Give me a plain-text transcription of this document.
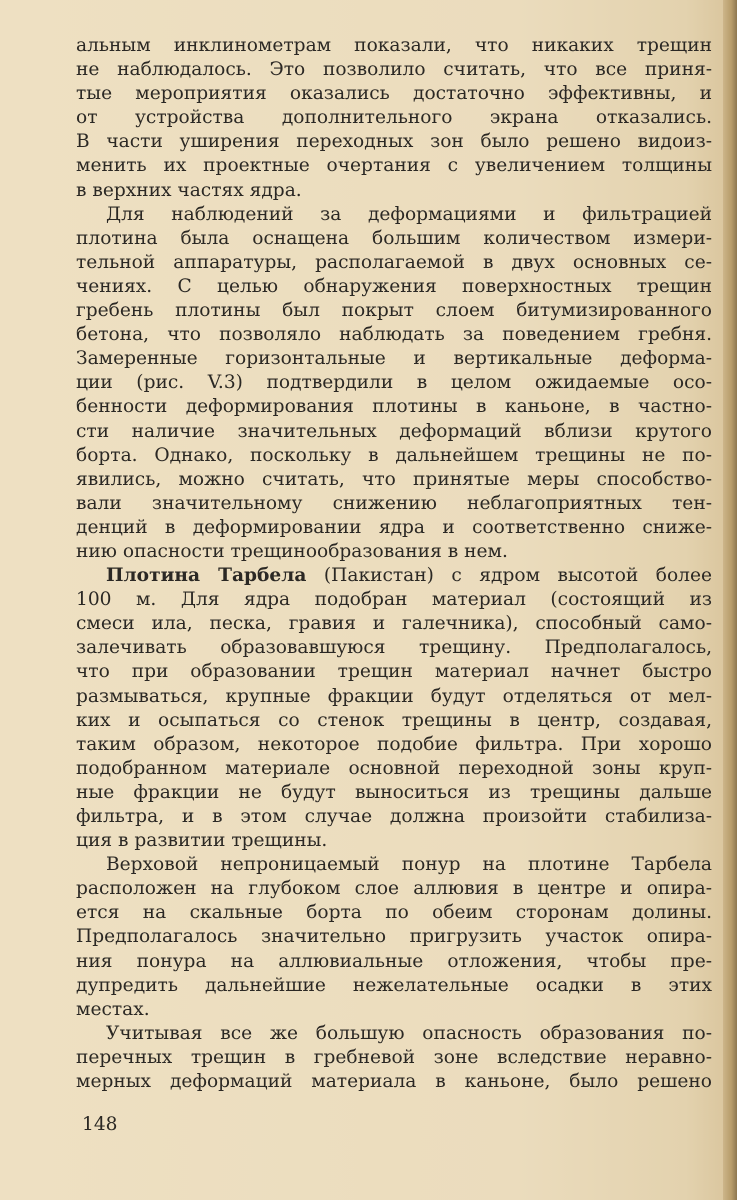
альным инклинометрам показали, что никаких трещин
не наблюдалось. Это позволило считать, что все приня-
тые мероприятия оказались достаточно эффективны, и
от устройства дополнительного экрана отказались.
В части уширения переходных зон было решено видоиз-
менить их проектные очертания с увеличением толщины
в верхних частях ядра.
Для наблюдений за деформациями и фильтрацией
плотина была оснащена большим количеством измери-
тельной аппаратуры, располагаемой в двух основных се-
чениях. С целью обнаружения поверхностных трещин
гребень плотины был покрыт слоем битумизированного
бетона, что позволяло наблюдать за поведением гребня.
Замеренные горизонтальные и вертикальные деформа-
ции (рис. V.3) подтвердили в целом ожидаемые осо-
бенности деформирования плотины в каньоне, в частно-
сти наличие значительных деформаций вблизи крутого
борта. Однако, поскольку в дальнейшем трещины не по-
явились, можно считать, что принятые меры способство-
вали значительному снижению неблагоприятных тен-
денций в деформировании ядра и соответственно сниже-
нию опасности трещинообразования в нем.
Плотина Тарбела (Пакистан) с ядром высотой более
100 м. Для ядра подобран материал (состоящий из
смеси ила, песка, гравия и галечника), способный само-
залечивать образовавшуюся трещину. Предполагалось,
что при образовании трещин материал начнет быстро
размываться, крупные фракции будут отделяться от мел-
ких и осыпаться со стенок трещины в центр, создавая,
таким образом, некоторое подобие фильтра. При хорошо
подобранном материале основной переходной зоны круп-
ные фракции не будут выноситься из трещины дальше
фильтра, и в этом случае должна произойти стабилиза-
ция в развитии трещины.
Верховой непроницаемый понур на плотине Тарбела
расположен на глубоком слое аллювия в центре и опира-
ется на скальные борта по обеим сторонам долины.
Предполагалось значительно пригрузить участок опира-
ния понура на аллювиальные отложения, чтобы пре-
дупредить дальнейшие нежелательные осадки в этих
местах.
Учитывая все же большую опасность образования по-
перечных трещин в гребневой зоне вследствие неравно-
мерных деформаций материала в каньоне, было решено
148
